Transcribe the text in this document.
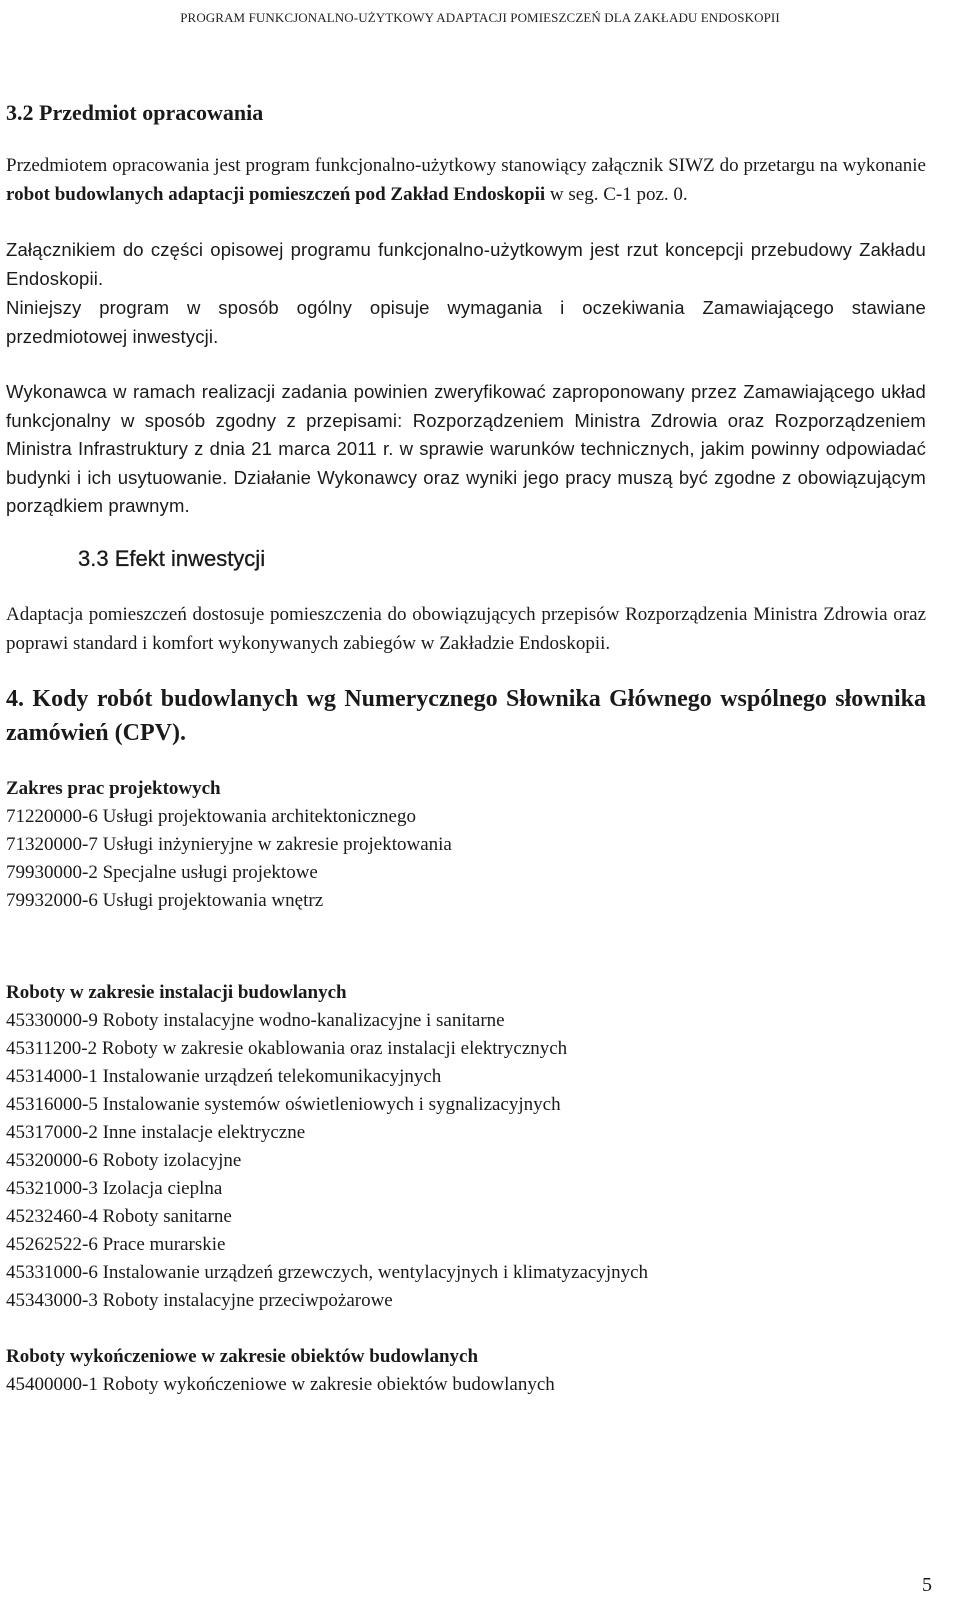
PROGRAM FUNKCJONALNO-UŻYTKOWY ADAPTACJI POMIESZCZEŃ DLA ZAKŁADU ENDOSKOPII
3.2 Przedmiot opracowania

Przedmiotem opracowania jest program funkcjonalno-użytkowy stanowiący załącznik SIWZ do przetargu na wykonanie robot budowlanych adaptacji pomieszczeń pod Zakład Endoskopii w seg. C-1 poz. 0.

Załącznikiem do części opisowej programu funkcjonalno-użytkowym jest rzut koncepcji przebudowy Zakładu Endoskopii.

Niniejszy program w sposób ogólny opisuje wymagania i oczekiwania Zamawiającego stawiane przedmiotowej inwestycji.

Wykonawca w ramach realizacji zadania powinien zweryfikować zaproponowany przez Zamawiającego układ funkcjonalny w sposób zgodny z przepisami: Rozporządzeniem Ministra Zdrowia oraz Rozporządzeniem Ministra Infrastruktury z dnia 21 marca 2011 r. w sprawie warunków technicznych, jakim powinny odpowiadać budynki i ich usytuowanie. Działanie Wykonawcy oraz wyniki jego pracy muszą być zgodne z obowiązującym porządkiem prawnym.

3.3 Efekt inwestycji

Adaptacja pomieszczeń dostosuje pomieszczenia do obowiązujących przepisów Rozporządzenia Ministra Zdrowia oraz poprawi standard i komfort wykonywanych zabiegów w Zakładzie Endoskopii.

4. Kody robót budowlanych wg Numerycznego Słownika Głównego wspólnego słownika zamówień (CPV).
Zakres prac projektowych
71220000-6 Usługi projektowania architektonicznego
71320000-7 Usługi inżynieryjne w zakresie projektowania
79930000-2 Specjalne usługi projektowe
79932000-6 Usługi projektowania wnętrz
Roboty w zakresie instalacji budowlanych
45330000-9 Roboty instalacyjne wodno-kanalizacyjne i sanitarne
45311200-2 Roboty w zakresie okablowania oraz instalacji elektrycznych
45314000-1 Instalowanie urządzeń telekomunikacyjnych
45316000-5 Instalowanie systemów oświetleniowych i sygnalizacyjnych
45317000-2 Inne instalacje elektryczne
45320000-6 Roboty izolacyjne
45321000-3 Izolacja cieplna
45232460-4 Roboty sanitarne
45262522-6 Prace murarskie
45331000-6 Instalowanie urządzeń grzewczych, wentylacyjnych i klimatyzacyjnych
45343000-3 Roboty instalacyjne przeciwpożarowe
Roboty wykończeniowe w zakresie obiektów budowlanych
45400000-1 Roboty wykończeniowe w zakresie obiektów budowlanych
5
